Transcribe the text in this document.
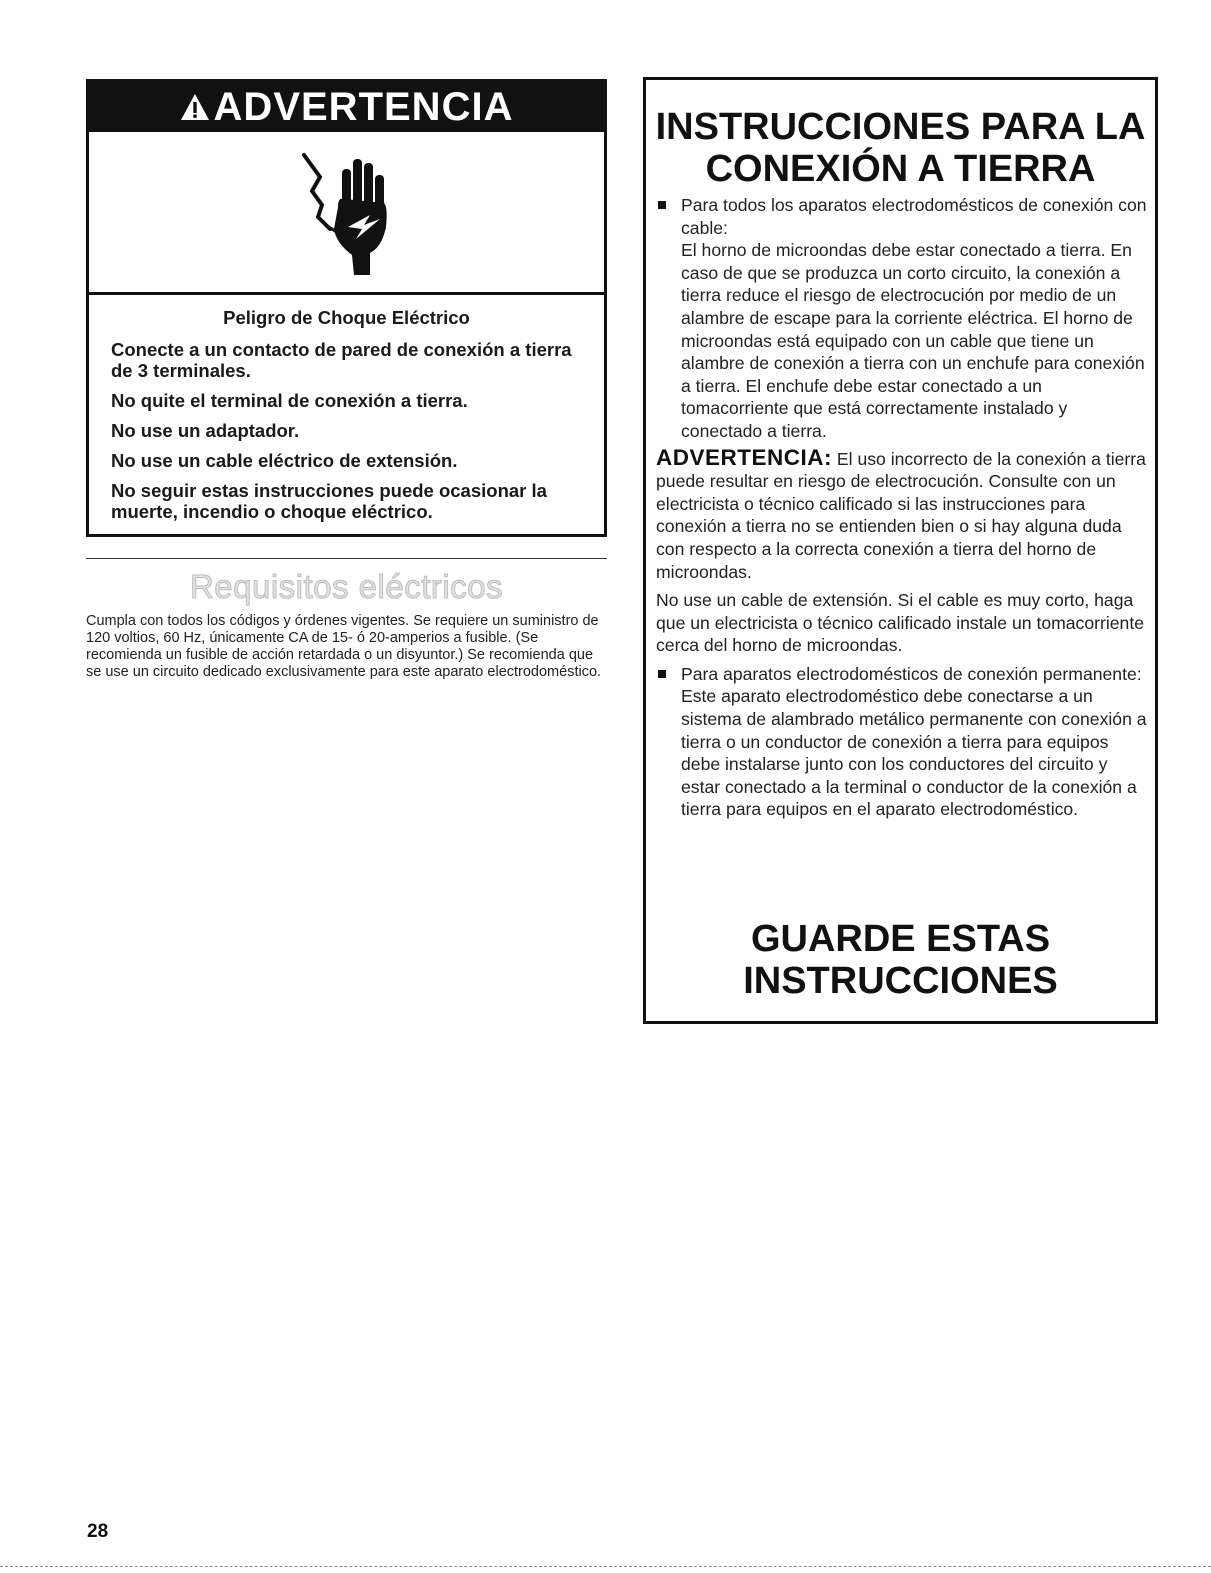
ADVERTENCIA

Peligro de Choque Eléctrico

Conecte a un contacto de pared de conexión a tierra de 3 terminales.

No quite el terminal de conexión a tierra.

No use un adaptador.

No use un cable eléctrico de extensión.

No seguir estas instrucciones puede ocasionar la muerte, incendio o choque eléctrico.

Requisitos eléctricos

Cumpla con todos los códigos y órdenes vigentes. Se requiere un suministro de 120 voltios, 60 Hz, únicamente CA de 15- ó 20-amperios a fusible. (Se recomienda un fusible de acción retardada o un disyuntor.) Se recomienda que se use un circuito dedicado exclusivamente para este aparato electrodoméstico.

INSTRUCCIONES PARA LA CONEXIÓN A TIERRA

Para todos los aparatos electrodomésticos de conexión con cable:

El horno de microondas debe estar conectado a tierra. En caso de que se produzca un corto circuito, la conexión a tierra reduce el riesgo de electrocución por medio de un alambre de escape para la corriente eléctrica. El horno de microondas está equipado con un cable que tiene un alambre de conexión a tierra con un enchufe para conexión a tierra. El enchufe debe estar conectado a un tomacorriente que está correctamente instalado y conectado a tierra.

ADVERTENCIA: El uso incorrecto de la conexión a tierra puede resultar en riesgo de electrocución. Consulte con un electricista o técnico calificado si las instrucciones para conexión a tierra no se entienden bien o si hay alguna duda con respecto a la correcta conexión a tierra del horno de microondas.

No use un cable de extensión. Si el cable es muy corto, haga que un electricista o técnico calificado instale un tomacorriente cerca del horno de microondas.

Para aparatos electrodomésticos de conexión permanente:

Este aparato electrodoméstico debe conectarse a un sistema de alambrado metálico permanente con conexión a tierra o un conductor de conexión a tierra para equipos debe instalarse junto con los conductores del circuito y estar conectado a la terminal o conductor de la conexión a tierra para equipos en el aparato electrodoméstico.

GUARDE ESTAS INSTRUCCIONES
28
